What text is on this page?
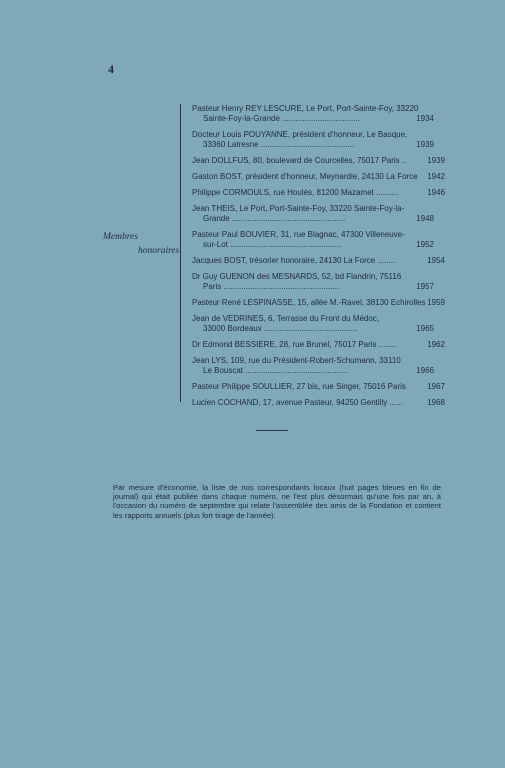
4
Membres
honoraires
Pasteur Henry REY LESCURE, Le Port, Port-Sainte-Foy, 33220
Sainte-Foy-la-Grande ...................................	1934
Docteur Louis POUYANNE, président d'honneur, Le Basque,
33360 Latresne ..........................................	1939
Jean DOLLFUS, 80, boulevard de Courcelles, 75017 Paris ..	1939
Gaston BOST, président d'honneur, Meynardie, 24130 La Force 1942
Philippe CORMOULS, rue Houlès, 81200 Mazamet ..........	1946
Jean THEIS, Le Port, Port-Sainte-Foy, 33220 Sainte-Foy-la-
Grande ...................................................	1948
Pasteur Paul BOUVIER, 31, rue Blagnac, 47300 Villeneuve-
sur-Lot ..................................................	1952
Jacques BOST, trésorier honoraire, 24130 La Force ........	1954
Dr Guy GUENON des MESNARDS, 52, bd Flandrin, 75116
Paris ....................................................	1957
Pasteur René LESPINASSE, 15, allée M.-Ravel, 38130 Echirolles 1959
Jean de VEDRINES, 6, Terrasse du Front du Médoc,
33000 Bordeaux ..........................................	1965
Dr Edmond BESSIERE, 28, rue Brunel, 75017 Paris ........	1962
Jean LYS, 109, rue du Président-Robert-Schumann, 33110
Le Bouscat ..............................................	1966
Pasteur Philippe SOULLIER, 27 bis, rue Singer, 75016 Paris	1967
Lucien COCHAND, 17, avenue Pasteur, 94250 Gentilly ......	1968
Par mesure d'économie, la liste de nos correspondants locaux (huit pages bleues en fin de journal) qui était publiée dans chaque numéro, ne l'est plus désormais qu'une fois par an, à l'occasion du numéro de septembre qui relate l'assemblée des amis de la Fondation et contient les rapports annuels (plus fort tirage de l'année).
